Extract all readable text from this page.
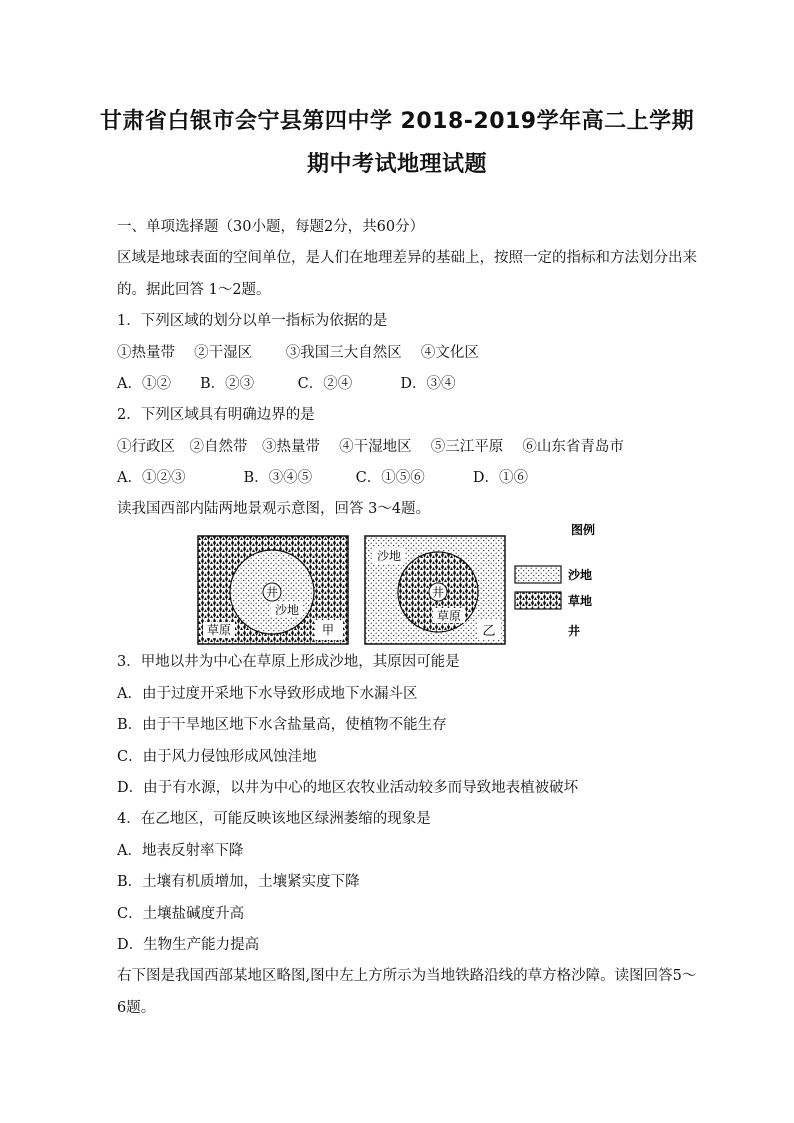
甘肃省白银市会宁县第四中学 2018-2019学年高二上学期
期中考试地理试题
一、单项选择题（30小题，每题2分，共60分）
区域是地球表面的空间单位，是人们在地理差异的基础上，按照一定的指标和方法划分出来
的。据此回答 1～2题。
1．下列区域的划分以单一指标为依据的是
①热量带　 ②干湿区　 　③我国三大自然区　 ④文化区
A．①②　　B．②③　　　C．②④　　　 D．③④
2．下列区域具有明确边界的是
①行政区　②自然带　③热量带　 ④干湿地区　 ⑤三江平原　 ⑥山东省青岛市
A．①②③　　　　B．③④⑤　　　C．①⑤⑥　　　 D．①⑥
读我国西部内陆两地景观示意图，回答 3～4题。
井
沙地
草原	甲
井
沙地
草原
乙
图例
沙地
草地
井
3．甲地以井为中心在草原上形成沙地，其原因可能是
A．由于过度开采地下水导致形成地下水漏斗区
B．由于干旱地区地下水含盐量高，使植物不能生存
C．由于风力侵蚀形成风蚀洼地
D．由于有水源，以井为中心的地区农牧业活动较多而导致地表植被破坏
4．在乙地区，可能反映该地区绿洲萎缩的现象是
A．地表反射率下降
B．土壤有机质增加，土壤紧实度下降
C．土壤盐碱度升高
D．生物生产能力提高
右下图是我国西部某地区略图,图中左上方所示为当地铁路沿线的草方格沙障。读图回答5～
6题。
